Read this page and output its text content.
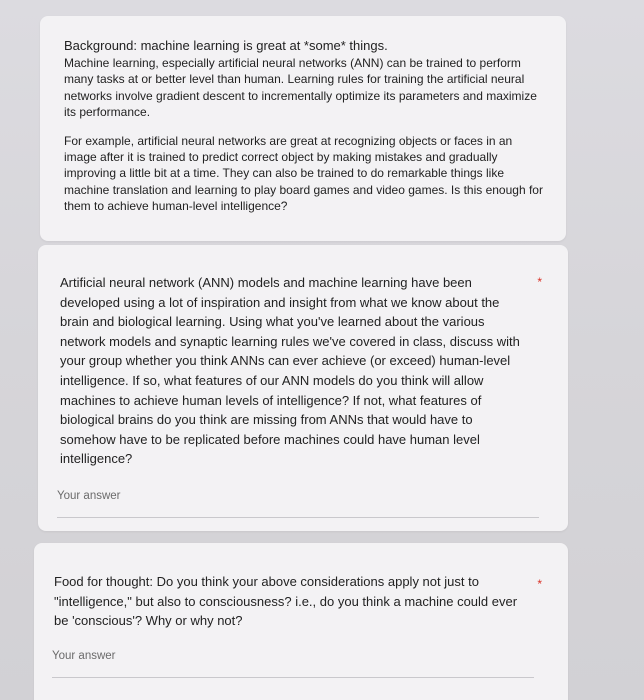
Background: machine learning is great at *some* things.

Machine learning, especially artificial neural networks (ANN) can be trained to perform many tasks at or better level than human. Learning rules for training the artificial neural networks involve gradient descent to incrementally optimize its parameters and maximize its performance.

For example, artificial neural networks are great at recognizing objects or faces in an image after it is trained to predict correct object by making mistakes and gradually improving a little bit at a time. They can also be trained to do remarkable things like machine translation and learning to play board games and video games. Is this enough for them to achieve human-level intelligence?

Artificial neural network (ANN) models and machine learning have been developed using a lot of inspiration and insight from what we know about the brain and biological learning. Using what you've learned about the various network models and synaptic learning rules we've covered in class, discuss with your group whether you think ANNs can ever achieve (or exceed) human-level intelligence. If so, what features of our ANN models do you think will allow machines to achieve human levels of intelligence? If not, what features of biological brains do you think are missing from ANNs that would have to somehow have to be replicated before machines could have human level intelligence?
*
Your answer
Food for thought: Do you think your above considerations apply not just to "intelligence," but also to consciousness? i.e., do you think a machine could ever be 'conscious'? Why or why not?
*
Your answer
